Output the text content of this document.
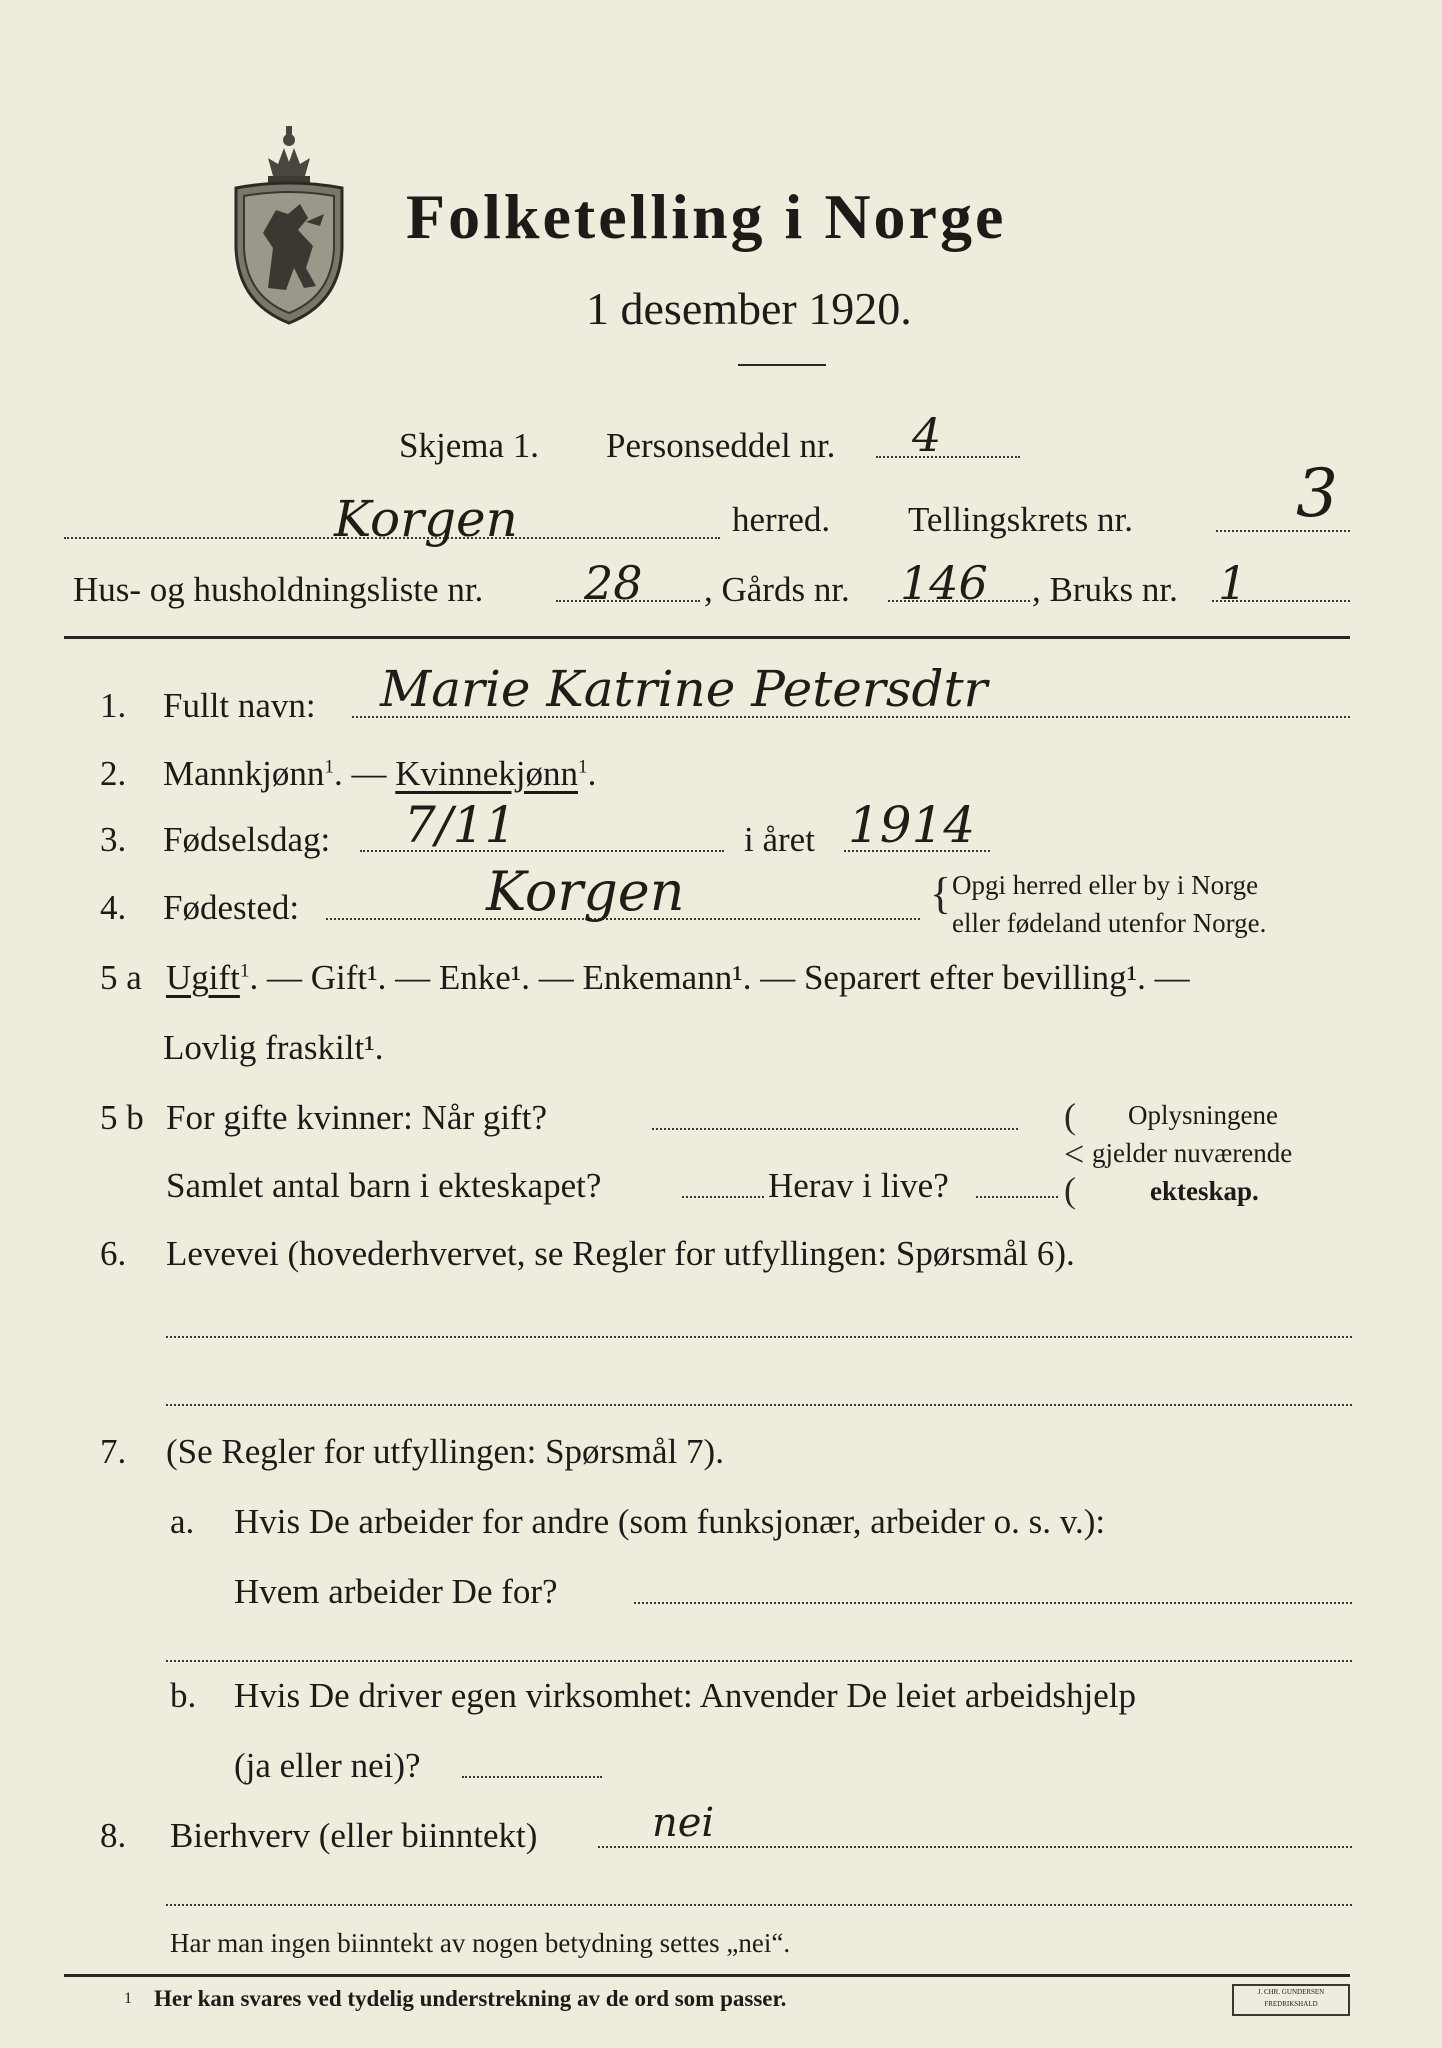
Folketelling i Norge
1 desember 1920.
Skjema 1. Personseddel nr. 4
Korgen	herred. Tellingskrets nr. 3
Hus- og husholdningsliste nr. 28 , Gårds nr. 146 , Bruks nr. 1
1. Fullt navn: Marie Katrine Petersdtr
2. Mannkjønn$^1$. — Kvinnekjønn$^1$.
3. Fødselsdag: 7/11	i året 1914
4. Fødested:	Korgen	{ Opgi herred eller by i Norge
eller fødeland utenfor Norge.
5 a Ugift$^1$. — Gift¹. — Enke¹. — Enkemann¹. — Separert efter bevilling¹. —
Lovlig fraskilt¹.
5 b For gifte kvinner: Når gift?
Samlet antal barn i ekteskapet?	Herav i live?
(
<
(
Oplysningene
gjelder nuværende
ekteskap.
6. Levevei (hovederhvervet, se Regler for utfyllingen: Spørsmål 6).
7. (Se Regler for utfyllingen: Spørsmål 7).
a. Hvis De arbeider for andre (som funksjonær, arbeider o. s. v.):
Hvem arbeider De for?
b. Hvis De driver egen virksomhet: Anvender De leiet arbeidshjelp
(ja eller nei)?
8. Bierhverv (eller biinntekt)	nei
Har man ingen biinntekt av nogen betydning settes „nei“.
1 Her kan svares ved tydelig understrekning av de ord som passer.	J. CHR. GUNDERSEN FREDRIKSHALD
